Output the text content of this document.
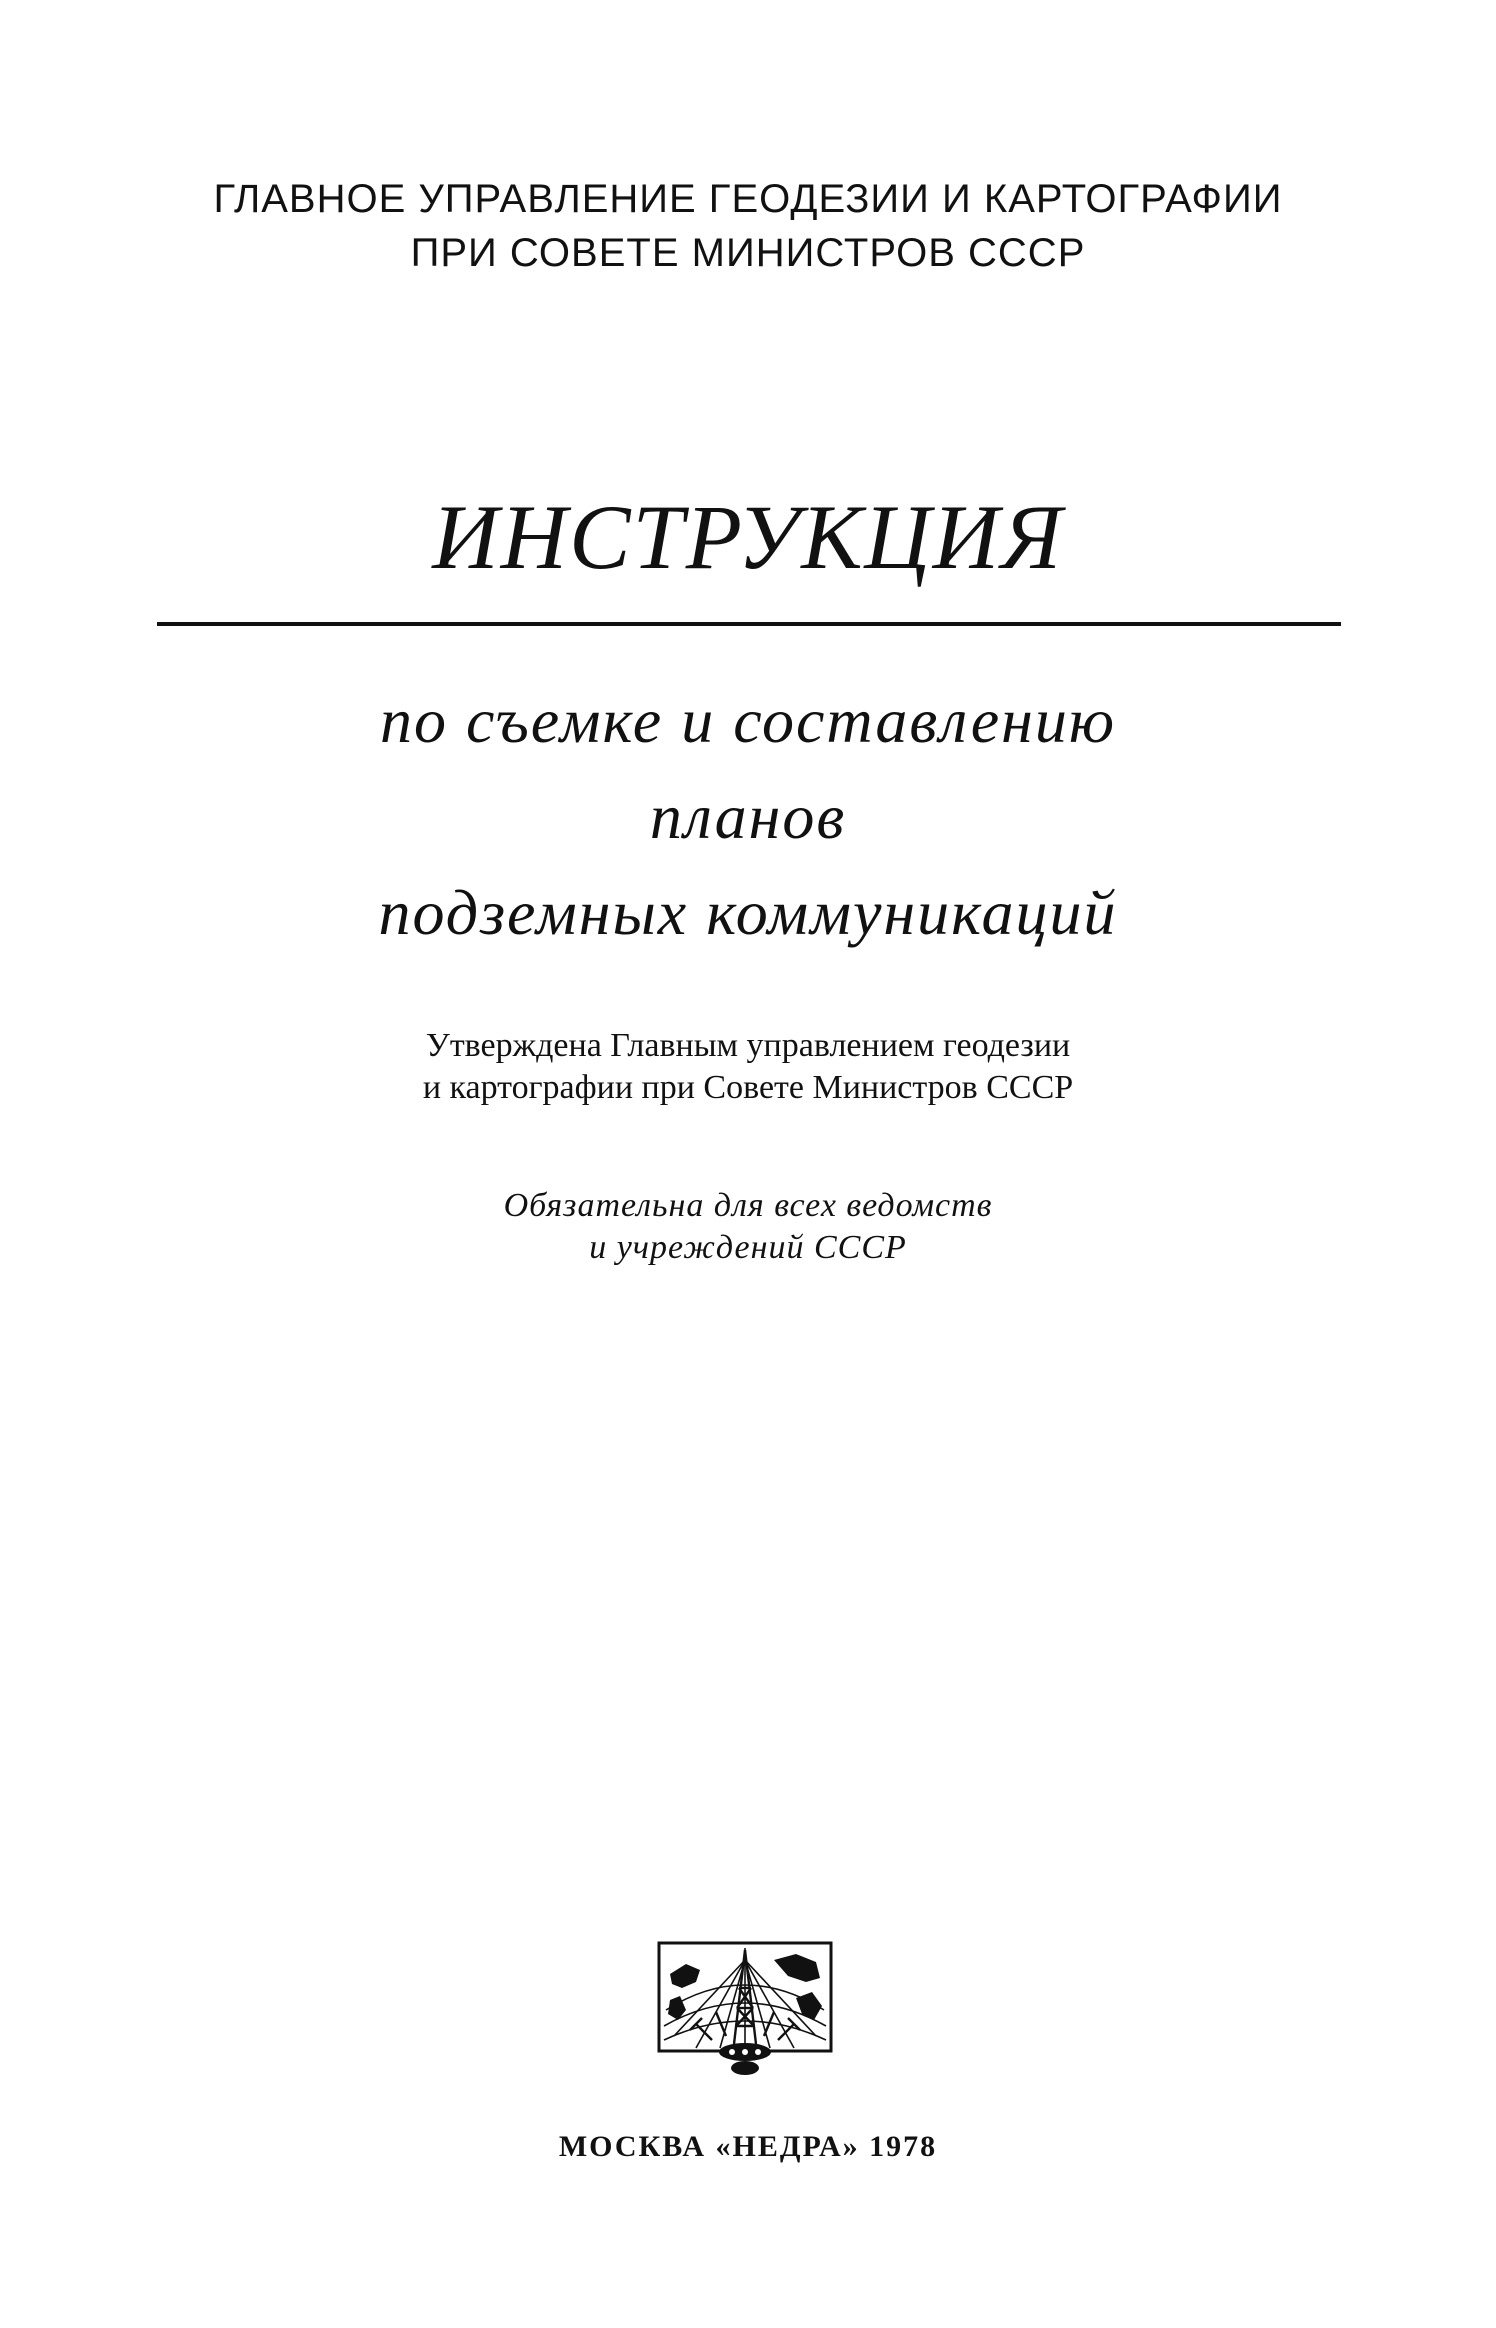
ГЛАВНОЕ УПРАВЛЕНИЕ ГЕОДЕЗИИ И КАРТОГРАФИИ
ПРИ СОВЕТЕ МИНИСТРОВ СССР
ИНСТРУКЦИЯ
по съемке и составлению
планов
подземных коммуникаций
Утверждена Главным управлением геодезии
и картографии при Совете Министров СССР
Обязательна для всех ведомств
и учреждений СССР
МОСКВА «НЕДРА» 1978
